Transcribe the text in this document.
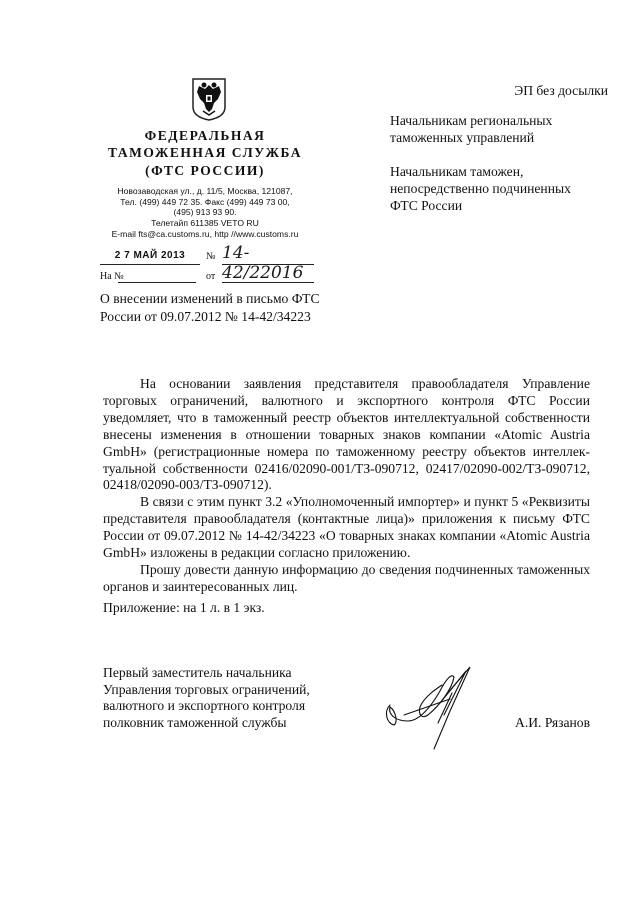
ФЕДЕРАЛЬНАЯ
ТАМОЖЕННАЯ СЛУЖБА
(ФТС РОССИИ)
Новозаводская ул., д. 11/5, Москва, 121087,
Тел. (499) 449 72 35. Факс (499) 449 73 00,
(495) 913 93 90.
Телетайп 611385 VETO RU
E-mail fts@ca.customs.ru, http //www.customs.ru
2 7 МАЙ 2013	№ 14-42/22016
На №	от
О внесении изменений в письмо ФТС
России от 09.07.2012 № 14-42/34223
ЭП без досылки
Начальникам региональных
таможенных управлений
Начальникам таможен,
непосредственно подчиненных
ФТС России

На основании заявления представителя правообладателя Управление торговых ограничений, валютного и экспортного контроля ФТС России уведомляет, что в таможенный реестр объектов интеллектуальной собственности внесены изменения в отношении товарных знаков компании «Atomic Austria GmbH» (регистрационные номера по таможенному реестру объектов интеллек-туальной собственности 02416/02090-001/ТЗ-090712, 02417/02090-002/ТЗ-090712, 02418/02090-003/ТЗ-090712).

В связи с этим пункт 3.2 «Уполномоченный импортер» и пункт 5 «Реквизиты представителя правообладателя (контактные лица)» приложения к письму ФТС России от 09.07.2012 № 14-42/34223 «О товарных знаках компании «Atomic Austria GmbH» изложены в редакции согласно приложению.

Прошу довести данную информацию до сведения подчиненных таможенных органов и заинтересованных лиц.

Приложение: на 1 л. в 1 экз.
Первый заместитель начальника
Управления торговых ограничений,
валютного и экспортного контроля
полковник таможенной службы	А.И. Рязанов
